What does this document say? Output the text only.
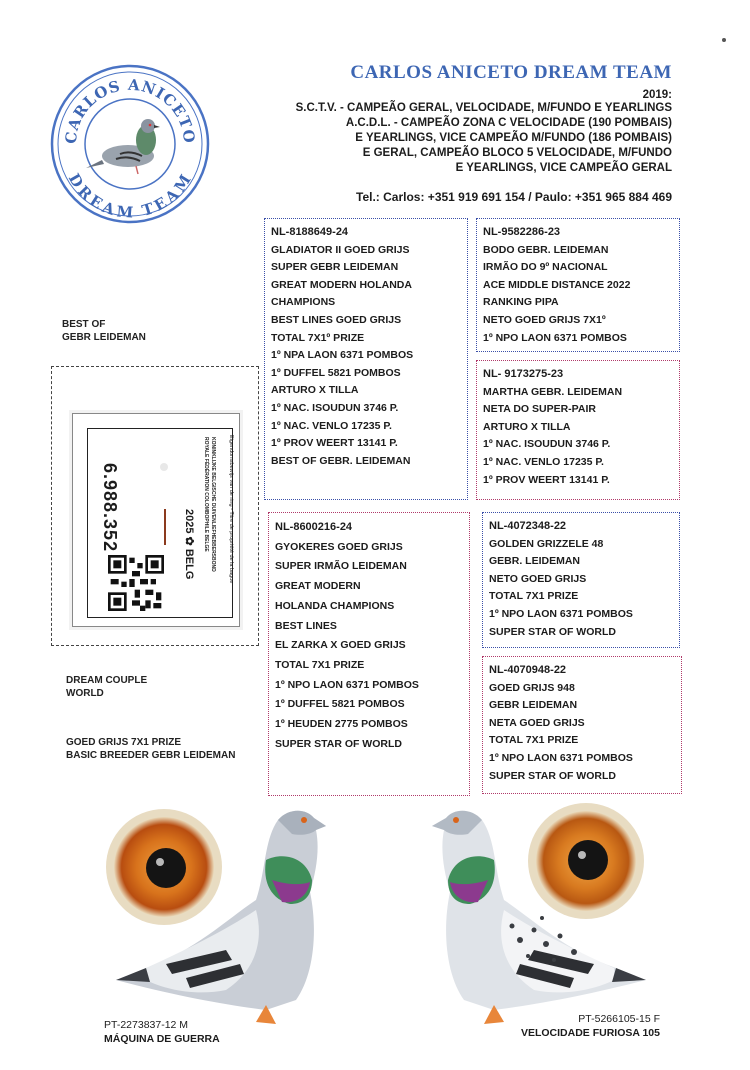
CARLOS ANICETO
DREAM TEAM
CARLOS ANICETO DREAM TEAM
2019:
S.C.T.V. - CAMPEÃO GERAL, VELOCIDADE, M/FUNDO E YEARLINGS
A.C.D.L. - CAMPEÃO ZONA C VELOCIDADE (190 POMBAIS)
E YEARLINGS, VICE CAMPEÃO M/FUNDO (186 POMBAIS)
E GERAL, CAMPEÃO BLOCO 5 VELOCIDADE, M/FUNDO
E YEARLINGS, VICE CAMPEÃO GERAL
Tel.: Carlos: +351 919 691 154 / Paulo: +351 965 884 469
BEST OF
GEBR LEIDEMAN
DREAM COUPLE
WORLD
GOED GRIJS 7X1 PRIZE
BASIC BREEDER GEBR LEIDEMAN
6.988.352	KONINKLIJKE BELGISCHE DUIVENLIEFHEBBERSBOND
ROYALE FÉDÉRATION COLOMBOPHILE BELGE
2025 ✿ BELG	Eigendomsbewijs van de ring - Titre de propriété de la bague
NL-8188649-24
GLADIATOR II GOED GRIJS
SUPER GEBR LEIDEMAN
GREAT MODERN HOLANDA
CHAMPIONS
BEST LINES GOED GRIJS
TOTAL 7X1º PRIZE
1º NPA LAON 6371 POMBOS
1º DUFFEL 5821 POMBOS
ARTURO X TILLA
1º NAC. ISOUDUN 3746 P.
1º NAC. VENLO 17235 P.
1º PROV WEERT 13141 P.
BEST OF GEBR. LEIDEMAN
NL-9582286-23
BODO GEBR. LEIDEMAN
IRMÃO DO 9º NACIONAL
ACE MIDDLE DISTANCE 2022
RANKING PIPA
NETO GOED GRIJS 7X1º
1º NPO LAON 6371 POMBOS
NL- 9173275-23
MARTHA GEBR. LEIDEMAN
NETA DO SUPER-PAIR
ARTURO X TILLA
1º NAC. ISOUDUN 3746 P.
1º NAC. VENLO 17235 P.
1º PROV WEERT 13141 P.
NL-8600216-24
GYOKERES GOED GRIJS
SUPER IRMÃO LEIDEMAN
GREAT MODERN
HOLANDA CHAMPIONS
BEST LINES
EL ZARKA X GOED GRIJS
TOTAL 7X1 PRIZE
1º NPO LAON 6371 POMBOS
1º DUFFEL 5821 POMBOS
1º HEUDEN 2775 POMBOS
SUPER STAR OF WORLD
NL-4072348-22
GOLDEN GRIZZELE 48
GEBR. LEIDEMAN
NETO GOED GRIJS
TOTAL 7X1 PRIZE
1º NPO LAON 6371 POMBOS
SUPER STAR OF WORLD
NL-4070948-22
GOED GRIJS 948
GEBR LEIDEMAN
NETA GOED GRIJS
TOTAL 7X1 PRIZE
1º NPO LAON 6371 POMBOS
SUPER STAR OF WORLD
PT-2273837-12 M
MÁQUINA DE GUERRA
PT-5266105-15 F
VELOCIDADE FURIOSA 105
